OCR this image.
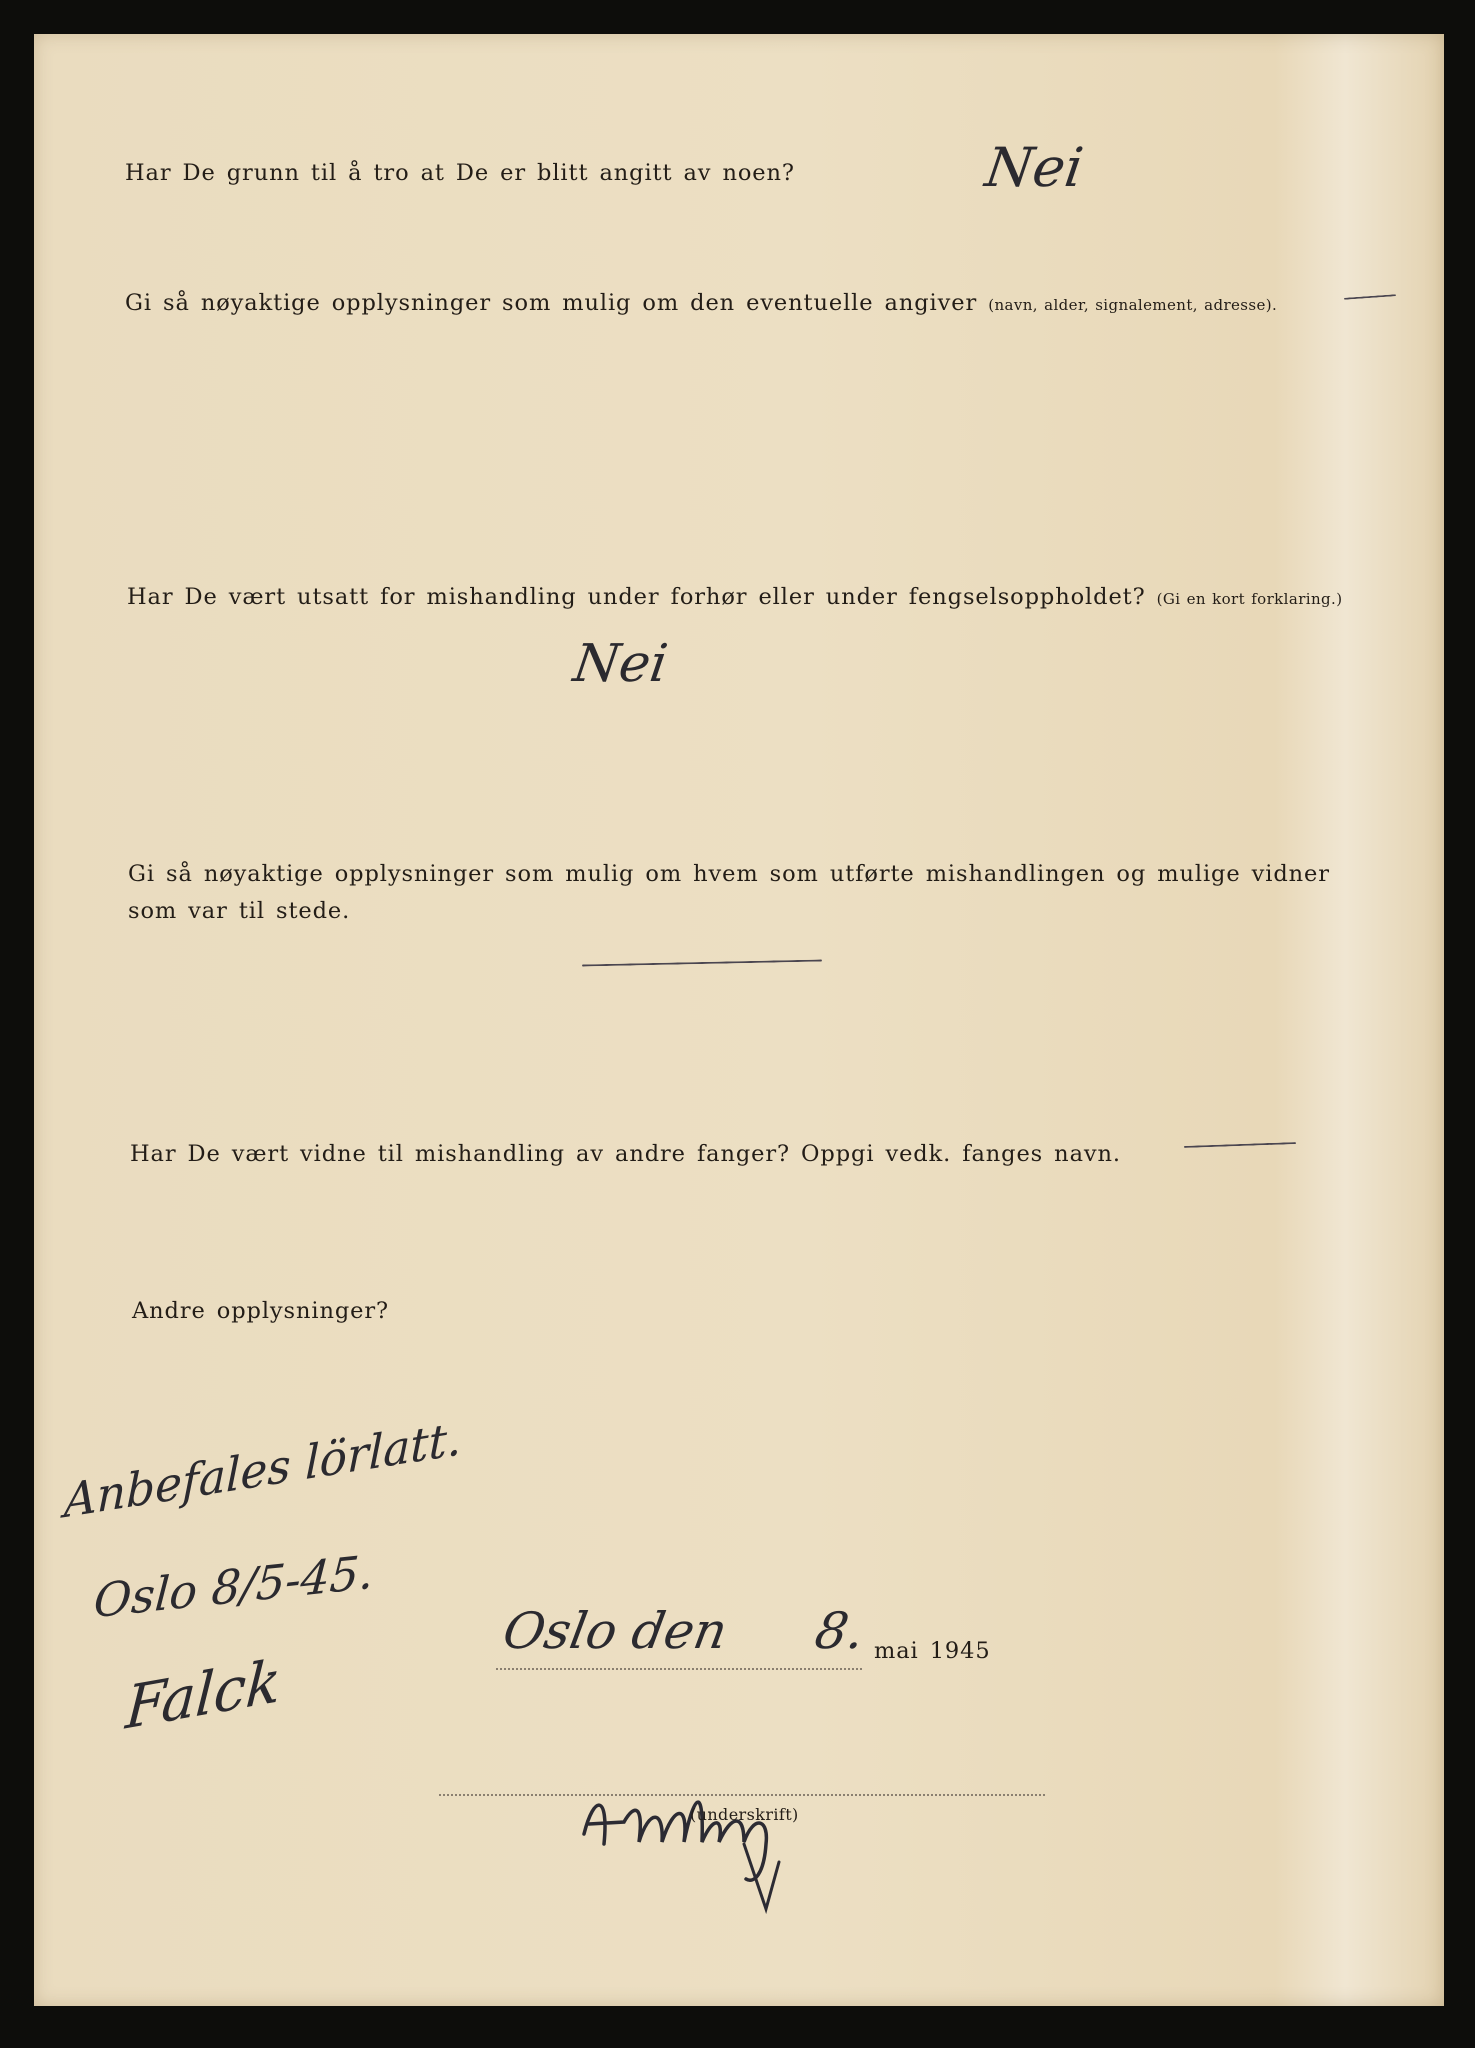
Har De grunn til å tro at De er blitt angitt av noen?	Nei

Gi så nøyaktige opplysninger som mulig om den eventuelle angiver (navn, alder, signalement, adresse).

Har De vært utsatt for mishandling under forhør eller under fengselsoppholdet? (Gi en kort forklaring.)

Nei

Gi så nøyaktige opplysninger som mulig om hvem som utførte mishandlingen og mulige vidner

som var til stede.

Har De vært vidne til mishandling av andre fanger? Oppgi vedk. fanges navn.

Andre opplysninger?

Anbefales lörlatt.

Oslo 8/5-45.

Falck

Oslo den 8. mai 1945

(underskrift)
